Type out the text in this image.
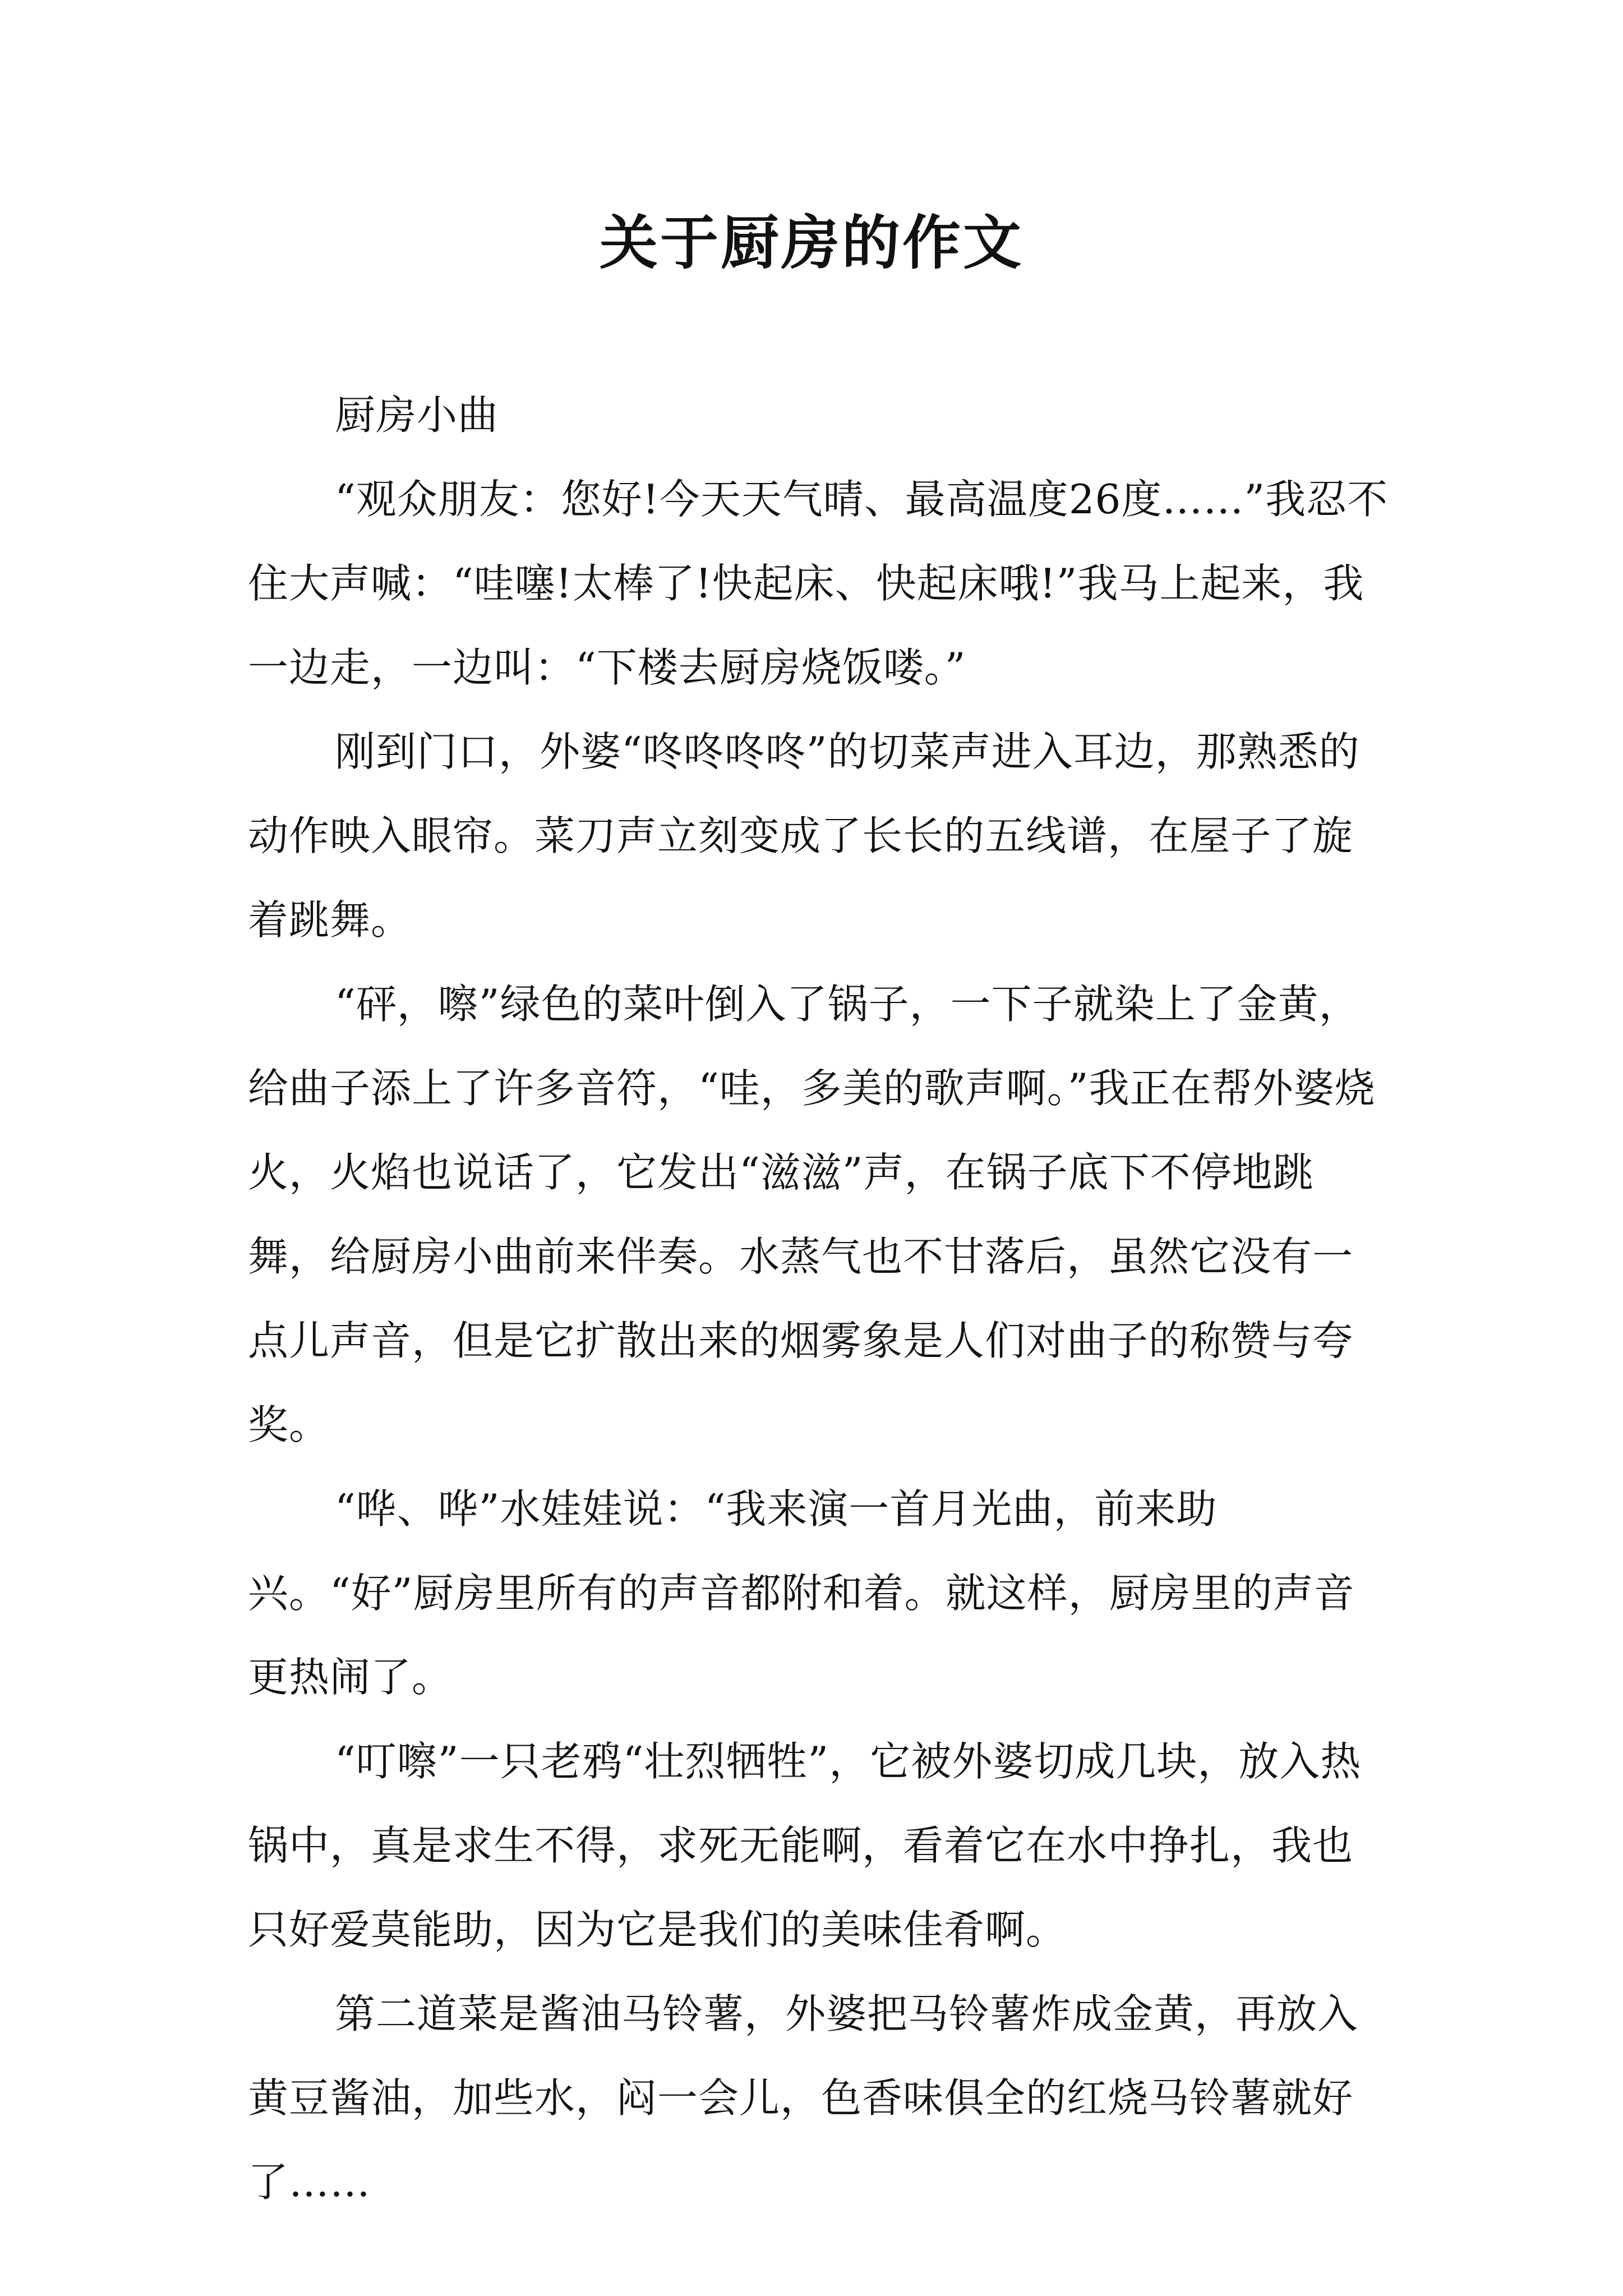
关于厨房的作文

厨房小曲

“观众朋友：您好!今天天气晴、最高温度26度……”我忍不住大声喊：“哇噻!太棒了!快起床、快起床哦!”我马上起来，我一边走，一边叫：“下楼去厨房烧饭喽。”

刚到门口，外婆“咚咚咚咚”的切菜声进入耳边，那熟悉的动作映入眼帘。菜刀声立刻变成了长长的五线谱，在屋子了旋着跳舞。

“砰，嚓”绿色的菜叶倒入了锅子，一下子就染上了金黄，给曲子添上了许多音符，“哇，多美的歌声啊。”我正在帮外婆烧火，火焰也说话了，它发出“滋滋”声，在锅子底下不停地跳舞，给厨房小曲前来伴奏。水蒸气也不甘落后，虽然它没有一点儿声音，但是它扩散出来的烟雾象是人们对曲子的称赞与夸奖。

“哗、哗”水娃娃说：“我来演一首月光曲，前来助兴。“好”厨房里所有的声音都附和着。就这样，厨房里的声音更热闹了。

“叮嚓”一只老鸦“壮烈牺牲”，它被外婆切成几块，放入热锅中，真是求生不得，求死无能啊，看着它在水中挣扎，我也只好爱莫能助，因为它是我们的美味佳肴啊。

第二道菜是酱油马铃薯，外婆把马铃薯炸成金黄，再放入黄豆酱油，加些水，闷一会儿，色香味俱全的红烧马铃薯就好了……
